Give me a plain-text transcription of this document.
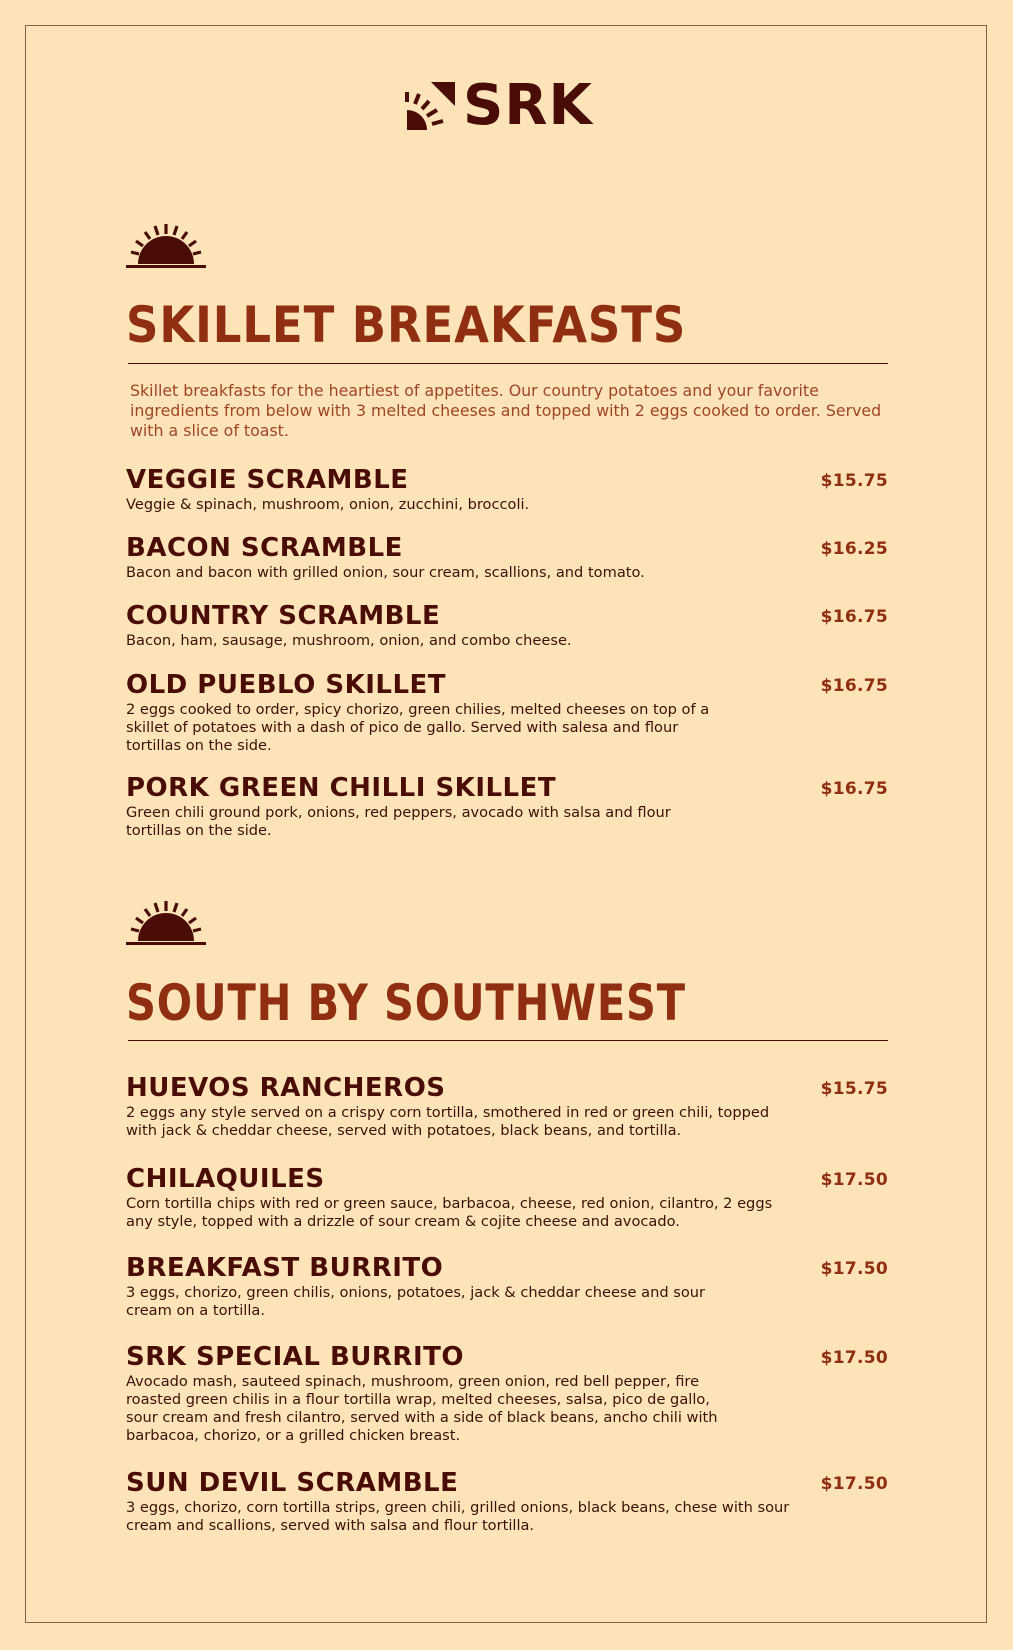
SRK
SKILLET BREAKFASTS

Skillet breakfasts for the heartiest of appetites. Our country potatoes and your favorite ingredients from below with 3 melted cheeses and topped with 2 eggs cooked to order. Served with a slice of toast.

VEGGIE SCRAMBLE

Veggie & spinach, mushroom, onion, zucchini, broccoli.

$15.75
BACON SCRAMBLE

Bacon and bacon with grilled onion, sour cream, scallions, and tomato.

$16.25
COUNTRY SCRAMBLE

Bacon, ham, sausage, mushroom, onion, and combo cheese.

$16.75
OLD PUEBLO SKILLET

2 eggs cooked to order, spicy chorizo, green chilies, melted cheeses on top of a skillet of potatoes with a dash of pico de gallo. Served with salesa and flour tortillas on the side.

$16.75
PORK GREEN CHILLI SKILLET

Green chili ground pork, onions, red peppers, avocado with salsa and flour tortillas on the side.

$16.75
SOUTH BY SOUTHWEST
HUEVOS RANCHEROS

2 eggs any style served on a crispy corn tortilla, smothered in red or green chili, topped with jack & cheddar cheese, served with potatoes, black beans, and tortilla.

$15.75
CHILAQUILES

Corn tortilla chips with red or green sauce, barbacoa, cheese, red onion, cilantro, 2 eggs any style, topped with a drizzle of sour cream & cojite cheese and avocado.

$17.50
BREAKFAST BURRITO

3 eggs, chorizo, green chilis, onions, potatoes, jack & cheddar cheese and sour cream on a tortilla.

$17.50
SRK SPECIAL BURRITO

Avocado mash, sauteed spinach, mushroom, green onion, red bell pepper, fire roasted green chilis in a flour tortilla wrap, melted cheeses, salsa, pico de gallo, sour cream and fresh cilantro, served with a side of black beans, ancho chili with barbacoa, chorizo, or a grilled chicken breast.

$17.50
SUN DEVIL SCRAMBLE

3 eggs, chorizo, corn tortilla strips, green chili, grilled onions, black beans, chese with sour cream and scallions, served with salsa and flour tortilla.

$17.50
